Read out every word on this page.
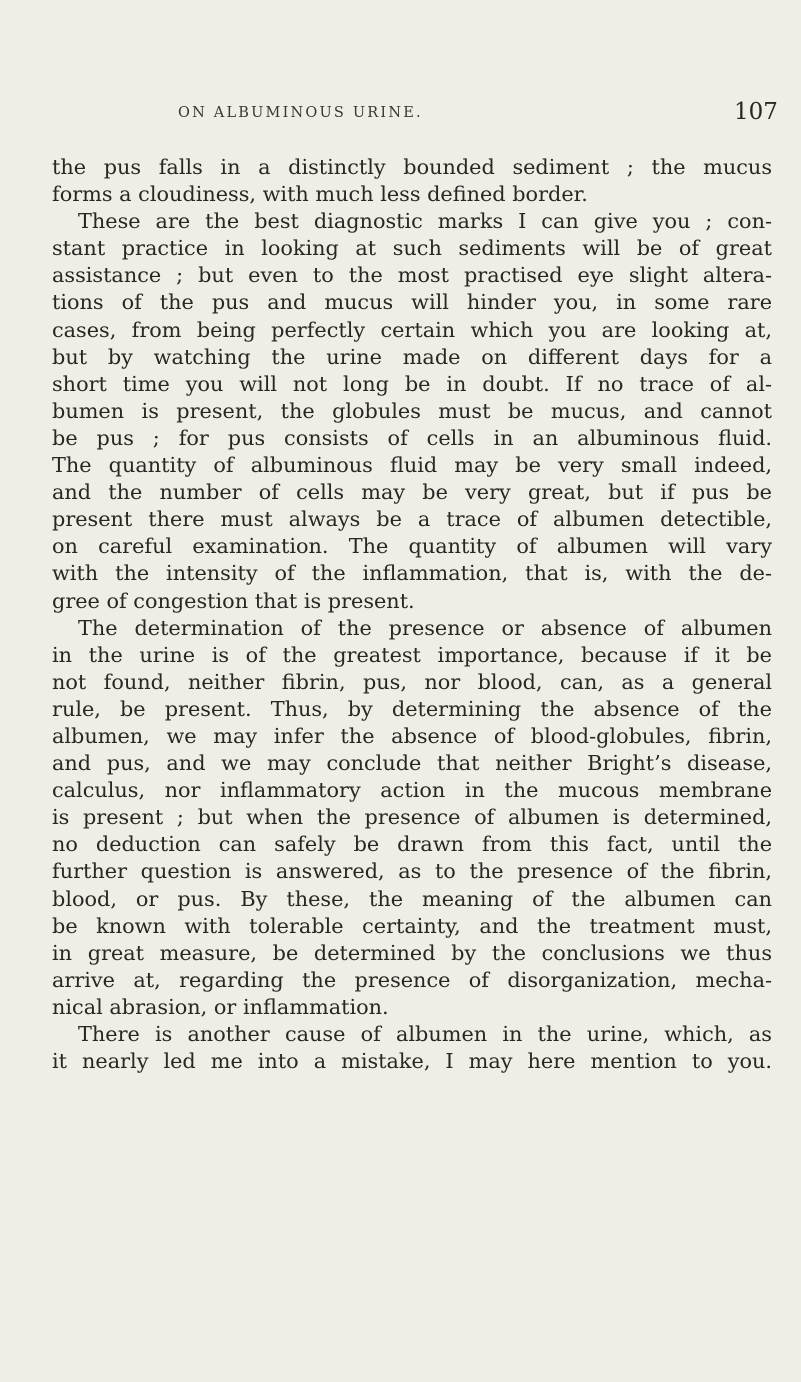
ON ALBUMINOUS URINE.	107
the pus falls in a distinctly bounded sediment ; the mucus
forms a cloudiness, with much less defined border.
These are the best diagnostic marks I can give you ; con-
stant practice in looking at such sediments will be of great
assistance ; but even to the most practised eye slight altera-
tions of the pus and mucus will hinder you, in some rare
cases, from being perfectly certain which you are looking at,
but by watching the urine made on different days for a
short time you will not long be in doubt. If no trace of al-
bumen is present, the globules must be mucus, and cannot
be pus ; for pus consists of cells in an albuminous fluid.
The quantity of albuminous fluid may be very small indeed,
and the number of cells may be very great, but if pus be
present there must always be a trace of albumen detectible,
on careful examination. The quantity of albumen will vary
with the intensity of the inflammation, that is, with the de-
gree of congestion that is present.
The determination of the presence or absence of albumen
in the urine is of the greatest importance, because if it be
not found, neither fibrin, pus, nor blood, can, as a general
rule, be present. Thus, by determining the absence of the
albumen, we may infer the absence of blood-globules, fibrin,
and pus, and we may conclude that neither Bright’s disease,
calculus, nor inflammatory action in the mucous membrane
is present ; but when the presence of albumen is determined,
no deduction can safely be drawn from this fact, until the
further question is answered, as to the presence of the fibrin,
blood, or pus. By these, the meaning of the albumen can
be known with tolerable certainty, and the treatment must,
in great measure, be determined by the conclusions we thus
arrive at, regarding the presence of disorganization, mecha-
nical abrasion, or inflammation.
There is another cause of albumen in the urine, which, as
it nearly led me into a mistake, I may here mention to you.
